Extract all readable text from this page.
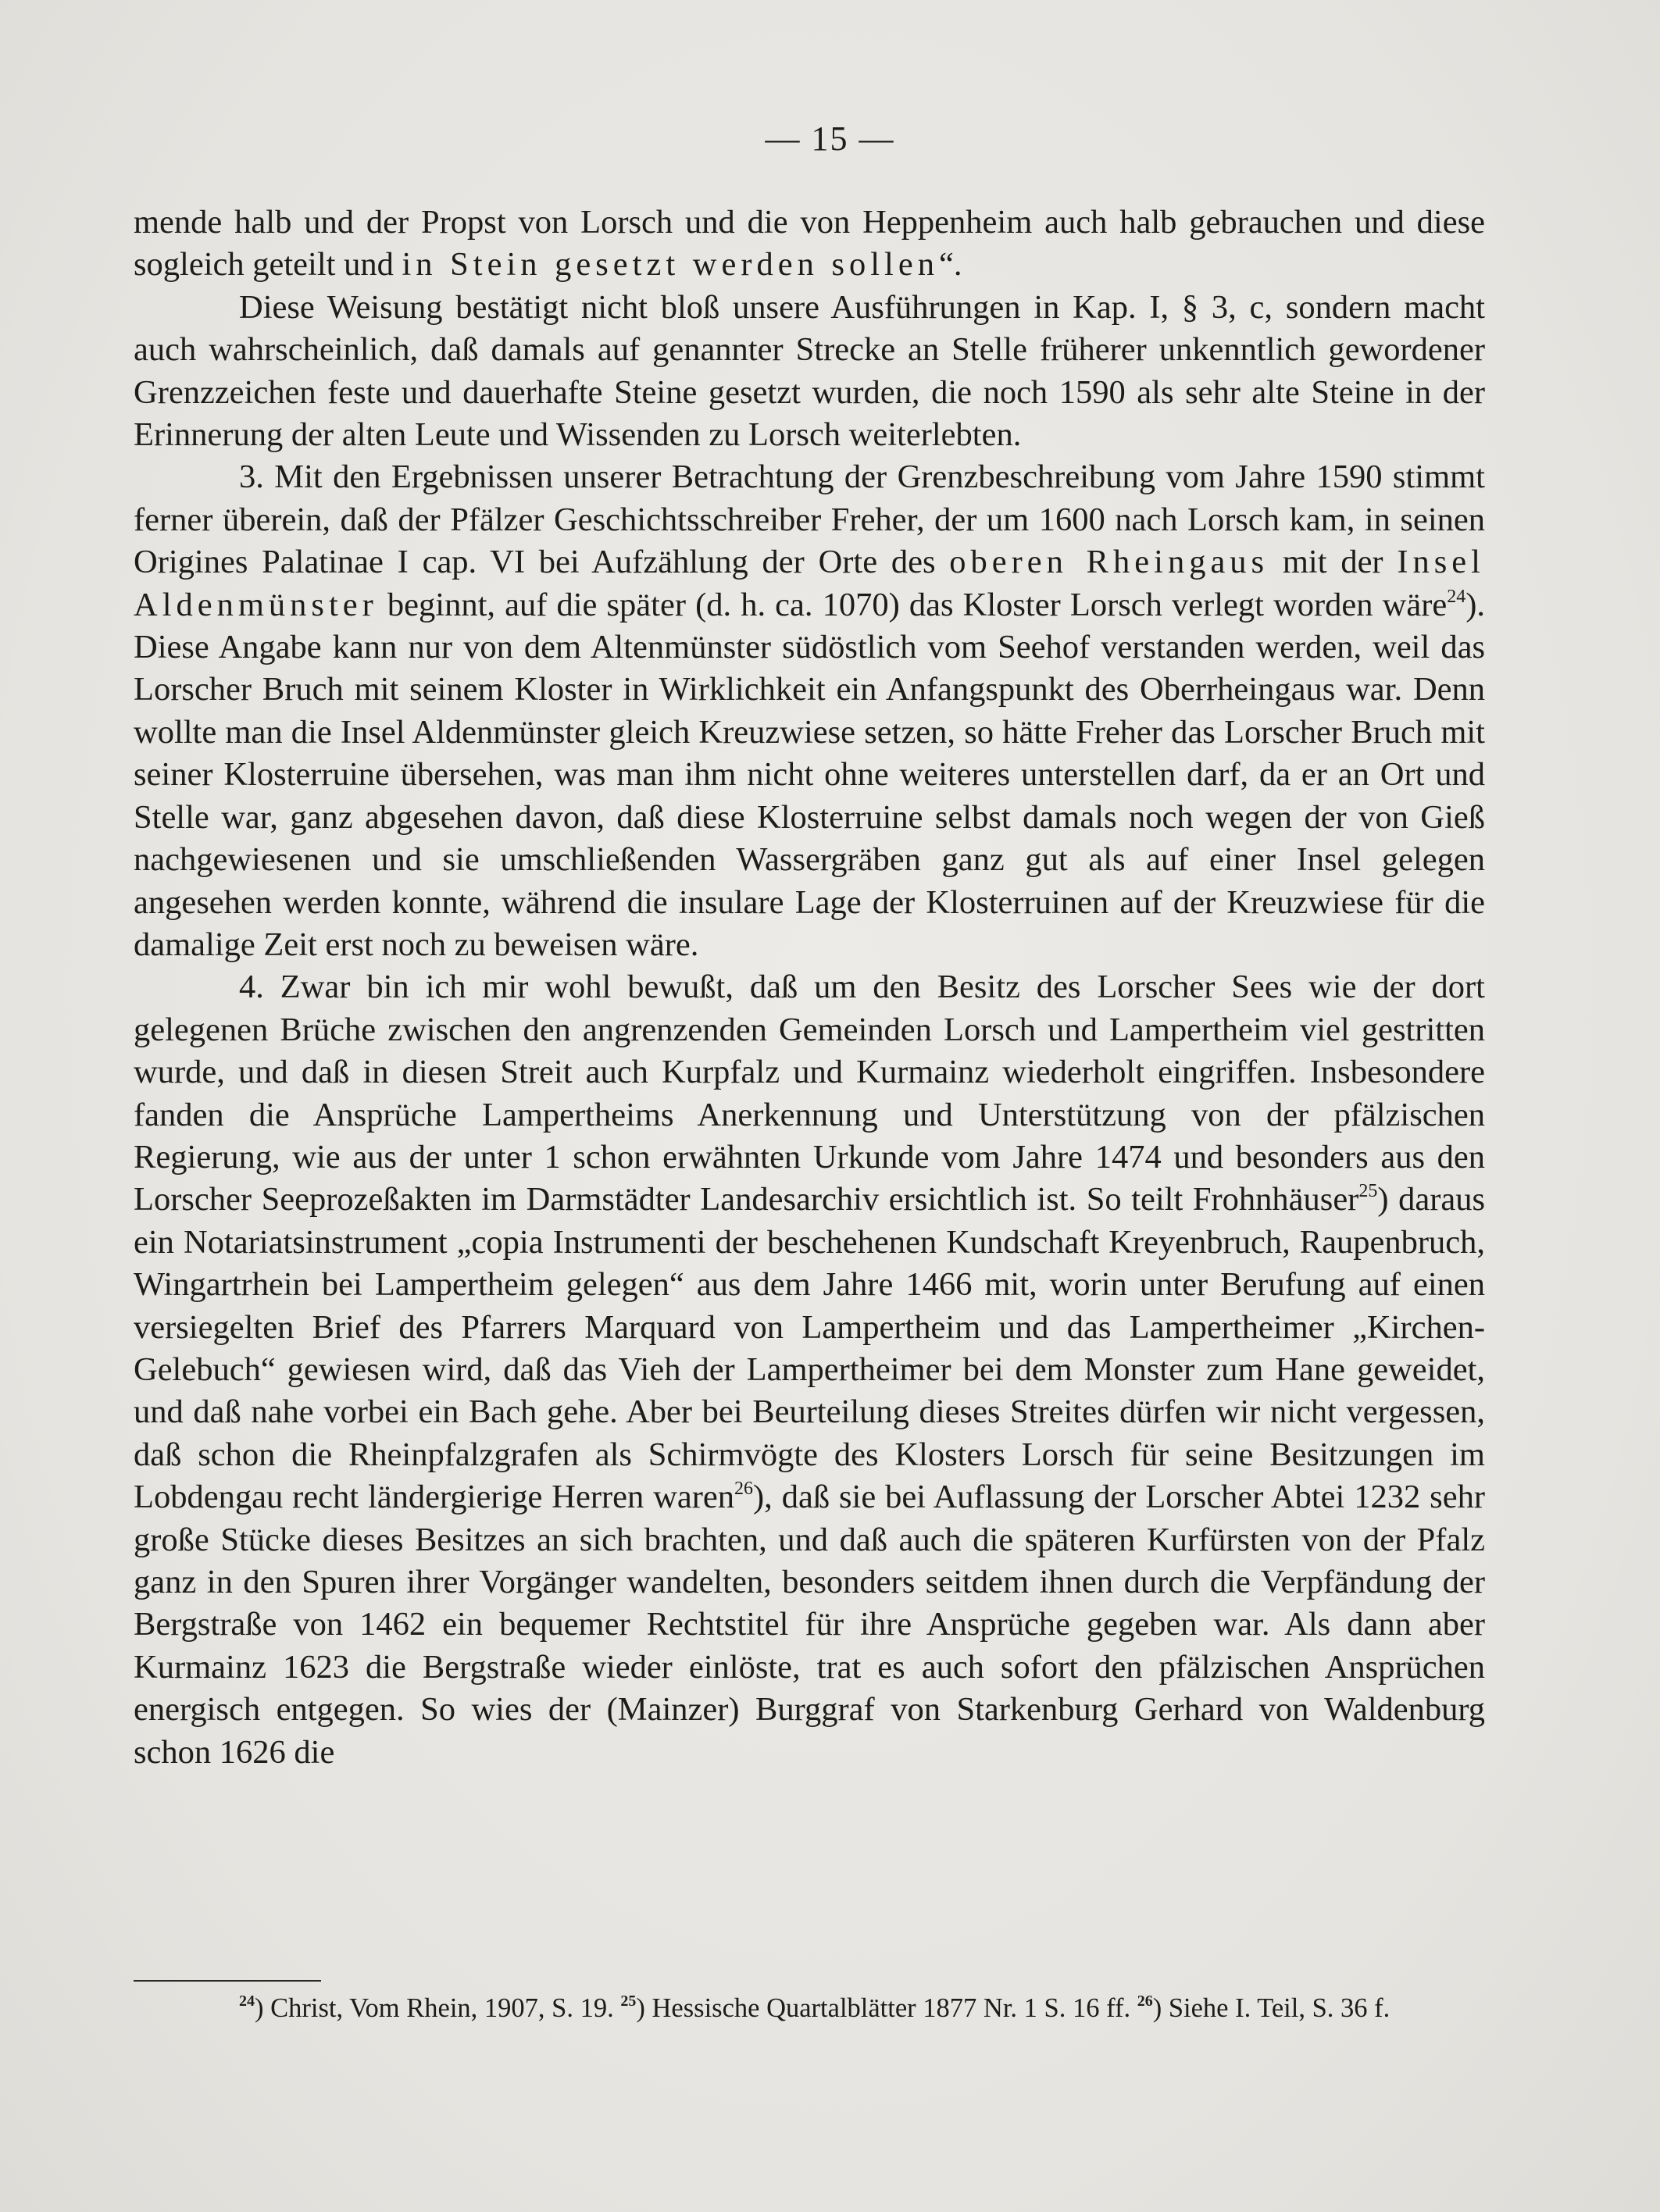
— 15 —

mende halb und der Propst von Lorsch und die von Heppenheim auch halb gebrauchen und diese sogleich geteilt und in Stein gesetzt werden sollen“.

Diese Weisung bestätigt nicht bloß unsere Ausführungen in Kap. I, § 3, c, sondern macht auch wahrscheinlich, daß damals auf genannter Strecke an Stelle früherer unkenntlich gewordener Grenzzeichen feste und dauerhafte Steine gesetzt wurden, die noch 1590 als sehr alte Steine in der Erinnerung der alten Leute und Wissenden zu Lorsch weiterlebten.

3. Mit den Ergebnissen unserer Betrachtung der Grenzbeschreibung vom Jahre 1590 stimmt ferner überein, daß der Pfälzer Geschichtsschreiber Freher, der um 1600 nach Lorsch kam, in seinen Origines Palatinae I cap. VI bei Aufzählung der Orte des oberen Rheingaus mit der Insel Aldenmünster beginnt, auf die später (d. h. ca. 1070) das Kloster Lorsch verlegt worden wäre$^{24}$). Diese Angabe kann nur von dem Altenmünster südöstlich vom Seehof verstanden werden, weil das Lorscher Bruch mit seinem Kloster in Wirklichkeit ein Anfangspunkt des Oberrheingaus war. Denn wollte man die Insel Aldenmünster gleich Kreuzwiese setzen, so hätte Freher das Lorscher Bruch mit seiner Klosterruine übersehen, was man ihm nicht ohne weiteres unterstellen darf, da er an Ort und Stelle war, ganz abgesehen davon, daß diese Klosterruine selbst damals noch wegen der von Gieß nachgewiesenen und sie umschließenden Wassergräben ganz gut als auf einer Insel gelegen angesehen werden konnte, während die insulare Lage der Klosterruinen auf der Kreuzwiese für die damalige Zeit erst noch zu beweisen wäre.

4. Zwar bin ich mir wohl bewußt, daß um den Besitz des Lorscher Sees wie der dort gelegenen Brüche zwischen den angrenzenden Gemeinden Lorsch und Lampertheim viel gestritten wurde, und daß in diesen Streit auch Kurpfalz und Kurmainz wiederholt eingriffen. Insbesondere fanden die Ansprüche Lampertheims Anerkennung und Unterstützung von der pfälzischen Regierung, wie aus der unter 1 schon erwähnten Urkunde vom Jahre 1474 und besonders aus den Lorscher Seeprozeßakten im Darmstädter Landesarchiv ersichtlich ist. So teilt Frohnhäuser$^{25}$) daraus ein Notariatsinstrument „copia Instrumenti der beschehenen Kundschaft Kreyenbruch, Raupenbruch, Wingartrhein bei Lampertheim gelegen“ aus dem Jahre 1466 mit, worin unter Berufung auf einen versiegelten Brief des Pfarrers Marquard von Lampertheim und das Lampertheimer „Kirchen-Gelebuch“ gewiesen wird, daß das Vieh der Lampertheimer bei dem Monster zum Hane geweidet, und daß nahe vorbei ein Bach gehe. Aber bei Beurteilung dieses Streites dürfen wir nicht vergessen, daß schon die Rheinpfalzgrafen als Schirmvögte des Klosters Lorsch für seine Besitzungen im Lobdengau recht ländergierige Herren waren$^{26}$), daß sie bei Auflassung der Lorscher Abtei 1232 sehr große Stücke dieses Besitzes an sich brachten, und daß auch die späteren Kurfürsten von der Pfalz ganz in den Spuren ihrer Vorgänger wandelten, besonders seitdem ihnen durch die Verpfändung der Bergstraße von 1462 ein bequemer Rechtstitel für ihre Ansprüche gegeben war. Als dann aber Kurmainz 1623 die Bergstraße wieder einlöste, trat es auch sofort den pfälzischen Ansprüchen energisch entgegen. So wies der (Mainzer) Burggraf von Starkenburg Gerhard von Waldenburg schon 1626 die

$^{24}$) Christ, Vom Rhein, 1907, S. 19. $^{25}$) Hessische Quartalblätter 1877 Nr. 1 S. 16 ff. $^{26}$) Siehe I. Teil, S. 36 f.
